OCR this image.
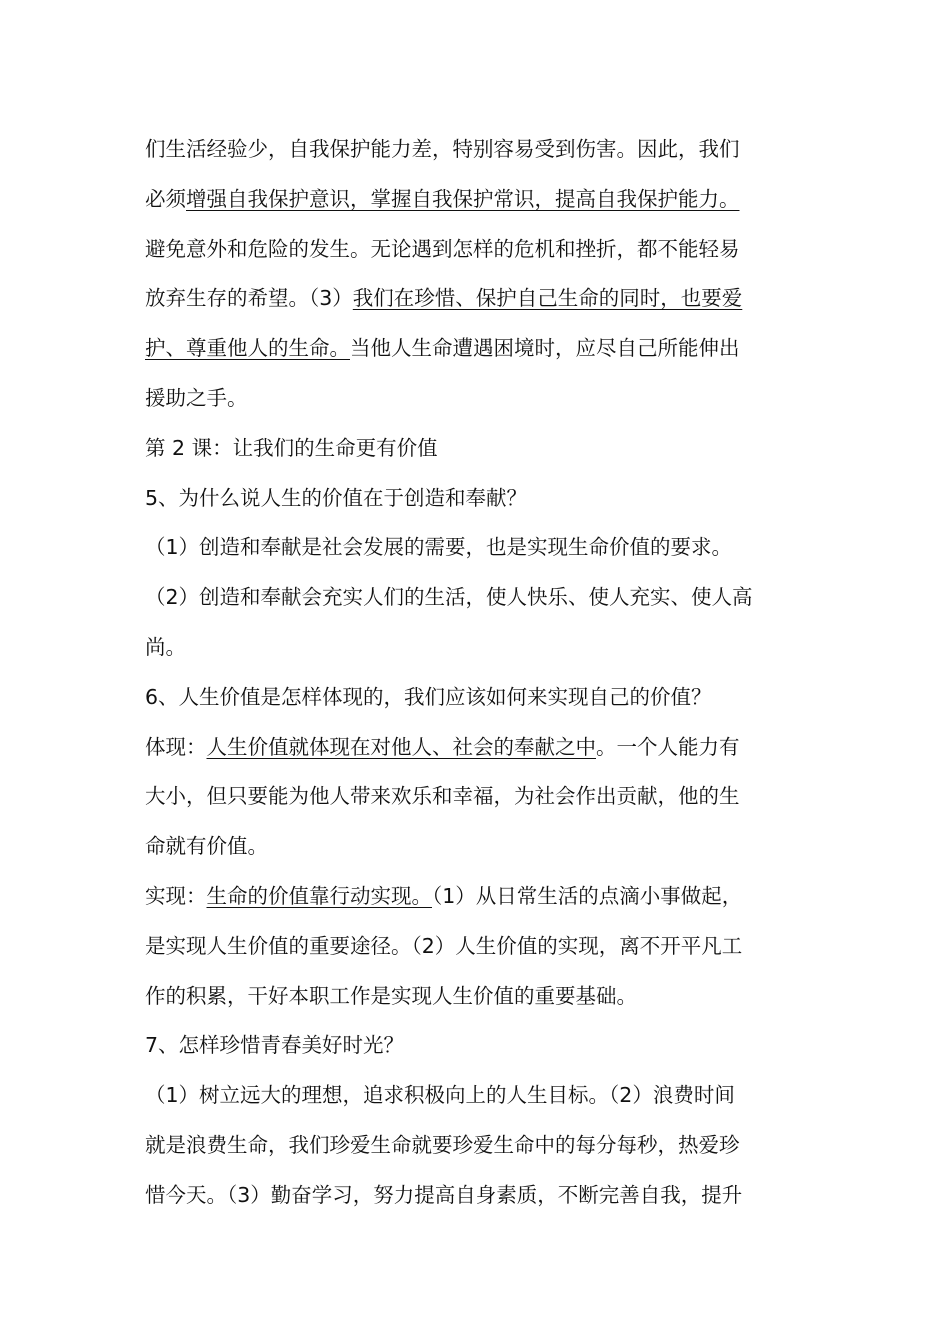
们生活经验少，自我保护能力差，特别容易受到伤害。因此，我们
必须增强自我保护意识，掌握自我保护常识，提高自我保护能力。
避免意外和危险的发生。无论遇到怎样的危机和挫折，都不能轻易
放弃生存的希望。（3）我们在珍惜、保护自己生命的同时，也要爱
护、尊重他人的生命。当他人生命遭遇困境时，应尽自己所能伸出
援助之手。
第 2 课：让我们的生命更有价值
5、为什么说人生的价值在于创造和奉献？
（1）创造和奉献是社会发展的需要，也是实现生命价值的要求。
（2）创造和奉献会充实人们的生活，使人快乐、使人充实、使人高
尚。
6、人生价值是怎样体现的，我们应该如何来实现自己的价值？
体现：人生价值就体现在对他人、社会的奉献之中。一个人能力有
大小，但只要能为他人带来欢乐和幸福，为社会作出贡献，他的生
命就有价值。
实现：生命的价值靠行动实现。（1）从日常生活的点滴小事做起，
是实现人生价值的重要途径。（2）人生价值的实现，离不开平凡工
作的积累，干好本职工作是实现人生价值的重要基础。
7、怎样珍惜青春美好时光？
（1）树立远大的理想，追求积极向上的人生目标。（2）浪费时间
就是浪费生命，我们珍爱生命就要珍爱生命中的每分每秒，热爱珍
惜今天。（3）勤奋学习，努力提高自身素质，不断完善自我，提升
